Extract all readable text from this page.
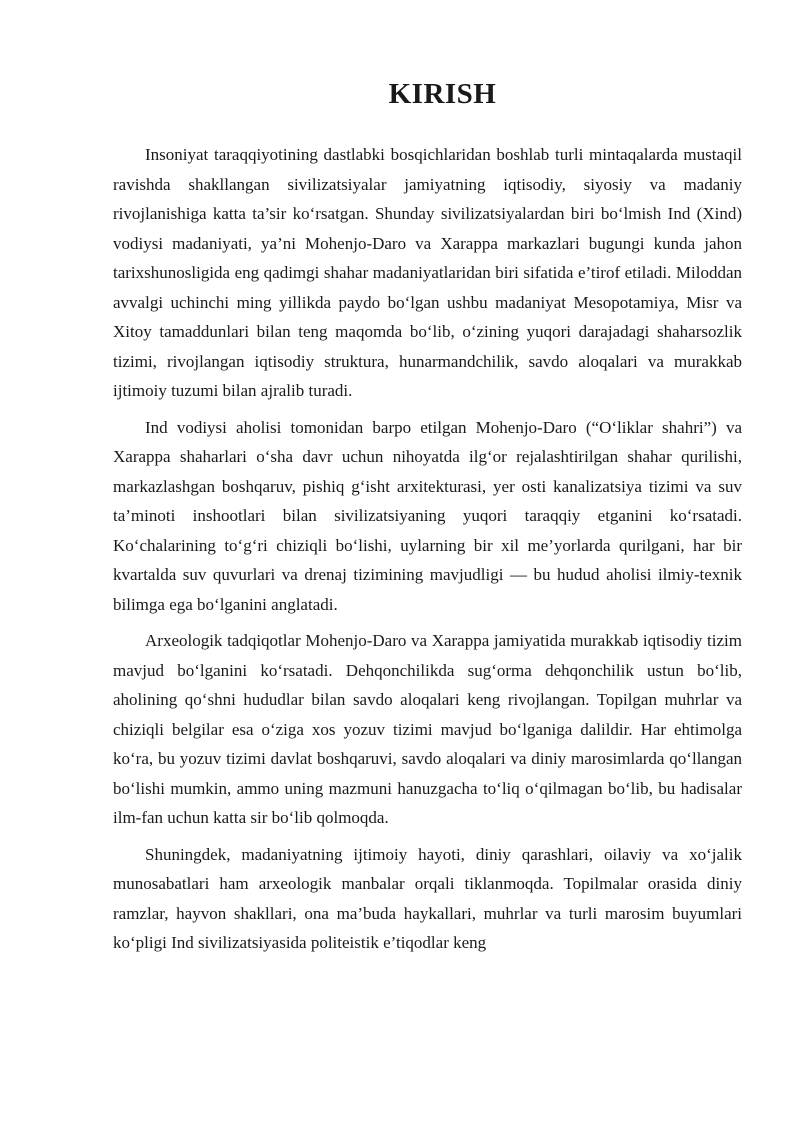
KIRISH

Insoniyat taraqqiyotining dastlabki bosqichlaridan boshlab turli mintaqalarda mustaqil ravishda shakllangan sivilizatsiyalar jamiyatning iqtisodiy, siyosiy va madaniy rivojlanishiga katta ta’sir koʻrsatgan. Shunday sivilizatsiyalardan biri boʻlmish Ind (Xind) vodiysi madaniyati, ya’ni Mohenjo-Daro va Xarappa markazlari bugungi kunda jahon tarixshunosligida eng qadimgi shahar madaniyatlaridan biri sifatida e’tirof etiladi. Miloddan avvalgi uchinchi ming yillikda paydo boʻlgan ushbu madaniyat Mesopotamiya, Misr va Xitoy tamaddunlari bilan teng maqomda boʻlib, oʻzining yuqori darajadagi shaharsozlik tizimi, rivojlangan iqtisodiy struktura, hunarmandchilik, savdo aloqalari va murakkab ijtimoiy tuzumi bilan ajralib turadi.

Ind vodiysi aholisi tomonidan barpo etilgan Mohenjo-Daro (“Oʻliklar shahri”) va Xarappa shaharlari oʻsha davr uchun nihoyatda ilgʻor rejalashtirilgan shahar qurilishi, markazlashgan boshqaruv, pishiq gʻisht arxitekturasi, yer osti kanalizatsiya tizimi va suv ta’minoti inshootlari bilan sivilizatsiyaning yuqori taraqqiy etganini koʻrsatadi. Koʻchalarining toʻgʻri chiziqli boʻlishi, uylarning bir xil me’yorlarda qurilgani, har bir kvartalda suv quvurlari va drenaj tizimining mavjudligi — bu hudud aholisi ilmiy-texnik bilimga ega boʻlganini anglatadi.

Arxeologik tadqiqotlar Mohenjo-Daro va Xarappa jamiyatida murakkab iqtisodiy tizim mavjud boʻlganini koʻrsatadi. Dehqonchilikda sugʻorma dehqonchilik ustun boʻlib, aholining qoʻshni hududlar bilan savdo aloqalari keng rivojlangan. Topilgan muhrlar va chiziqli belgilar esa oʻziga xos yozuv tizimi mavjud boʻlganiga dalildir. Har ehtimolga koʻra, bu yozuv tizimi davlat boshqaruvi, savdo aloqalari va diniy marosimlarda qoʻllangan boʻlishi mumkin, ammo uning mazmuni hanuzgacha toʻliq oʻqilmagan boʻlib, bu hadisalar ilm-fan uchun katta sir boʻlib qolmoqda.

Shuningdek, madaniyatning ijtimoiy hayoti, diniy qarashlari, oilaviy va xoʻjalik munosabatlari ham arxeologik manbalar orqali tiklanmoqda. Topilmalar orasida diniy ramzlar, hayvon shakllari, ona ma’buda haykallari, muhrlar va turli marosim buyumlari koʻpligi Ind sivilizatsiyasida politeistik e’tiqodlar keng
